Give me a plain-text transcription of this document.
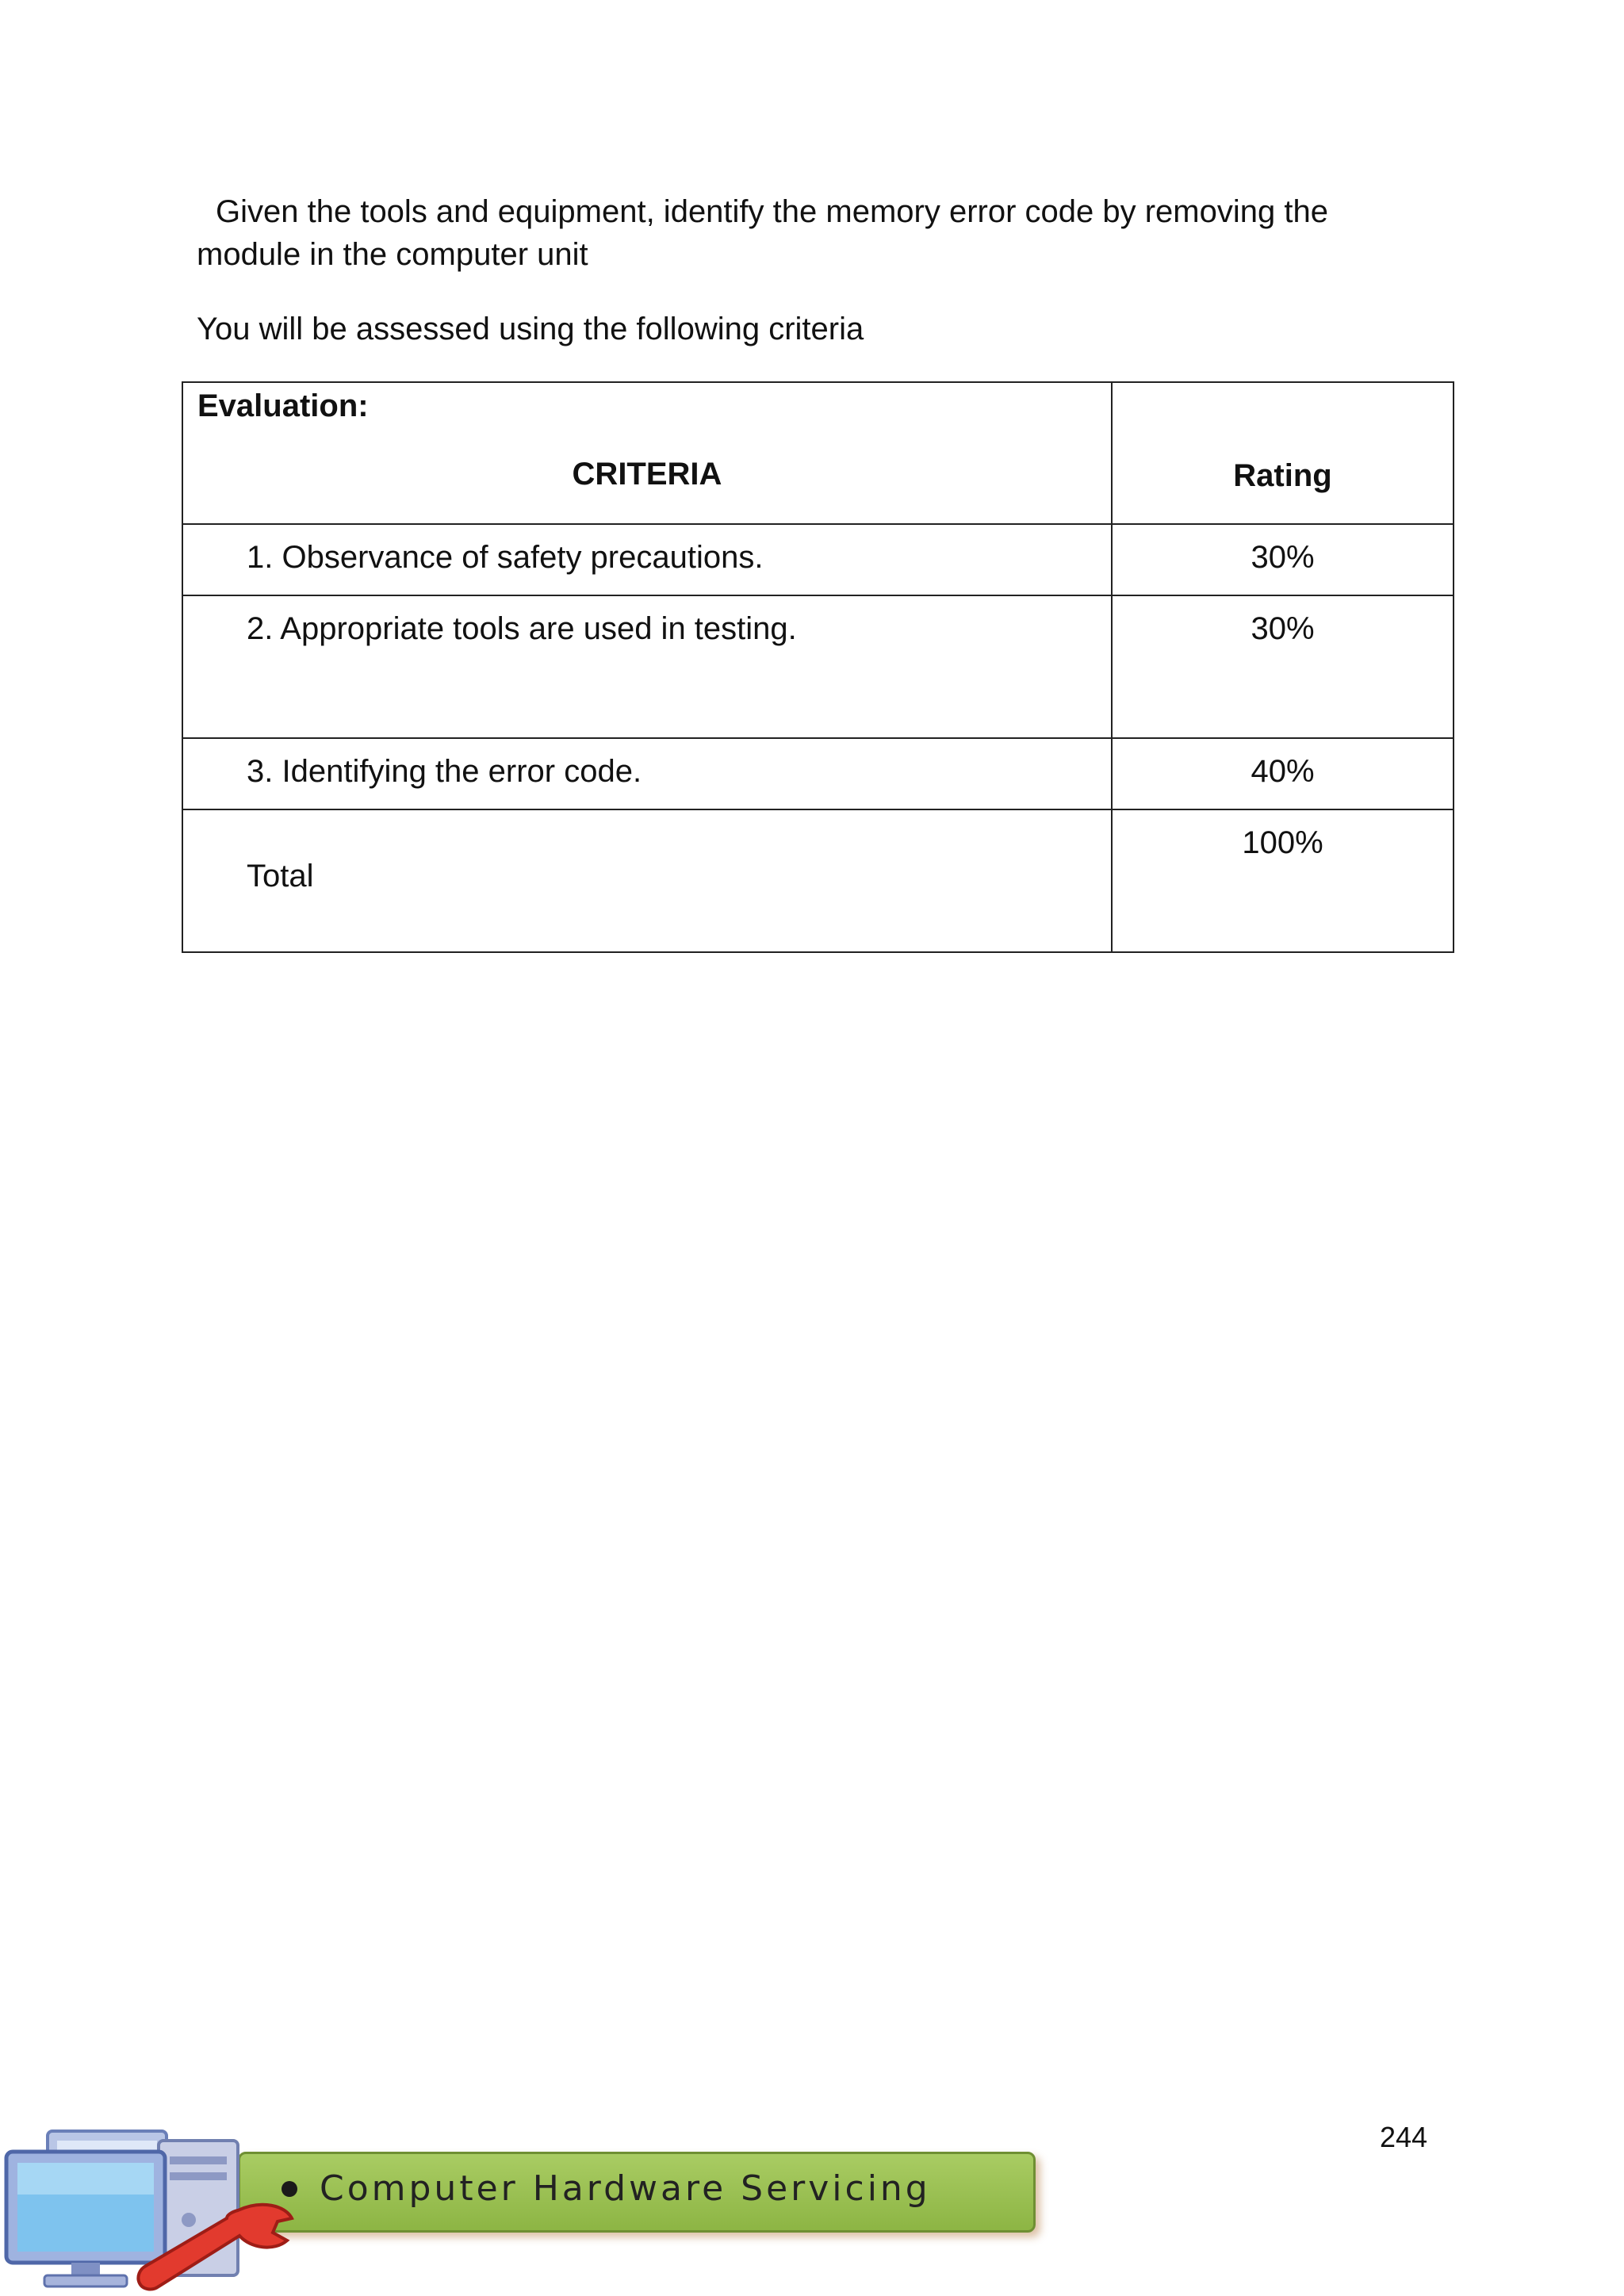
Given the tools and equipment, identify the memory error code by removing the
module in the computer unit

You will be assessed using the following criteria

Evaluation:
CRITERIA	Rating

1. Observance of safety precautions.	30%

2. Appropriate tools are used in testing.	30%

3. Identifying the error code.	40%

Total	100%
244
Computer Hardware Servicing
